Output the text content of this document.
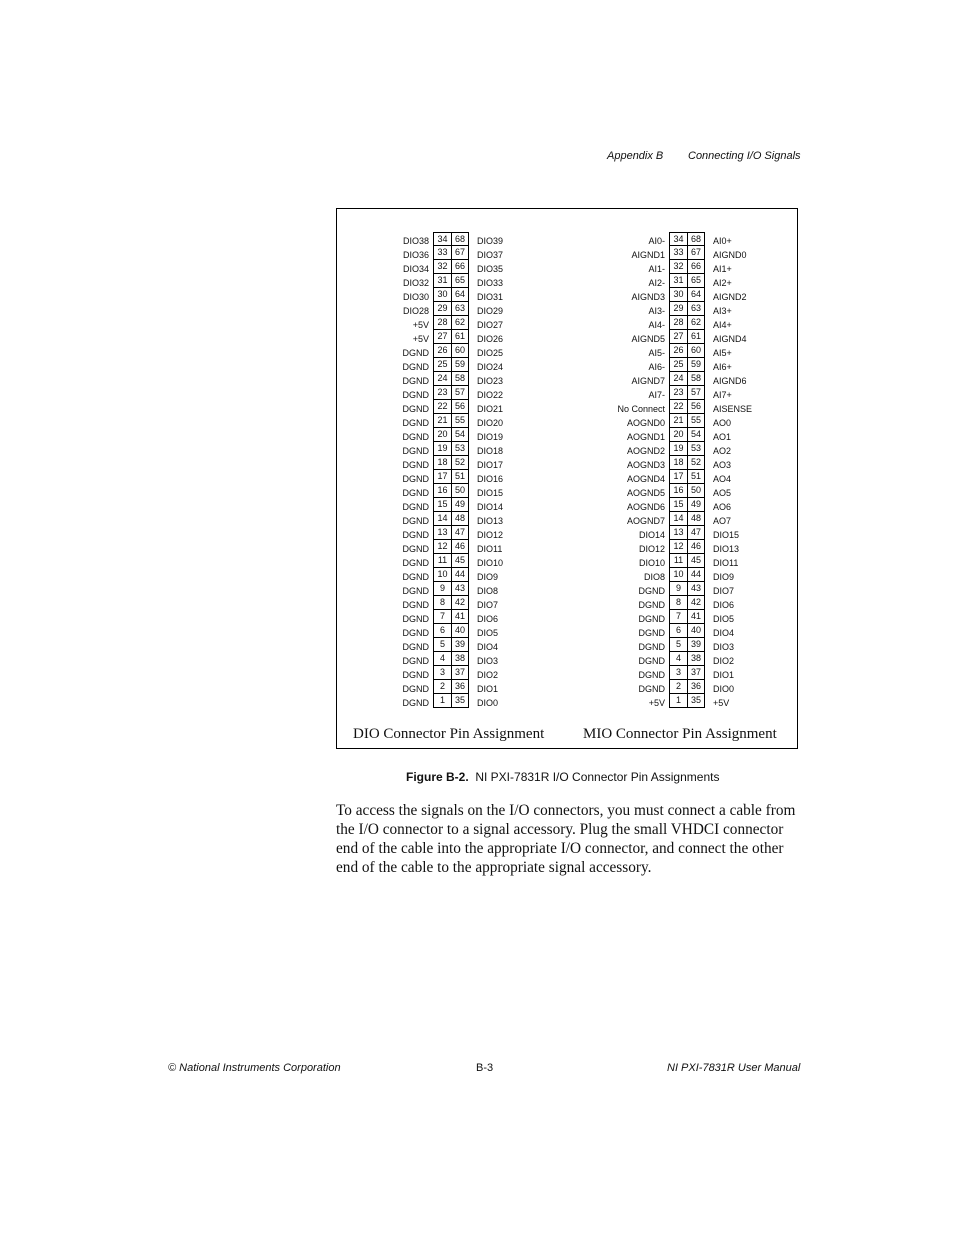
Appendix B Connecting I/O Signals
DIO38 34 68	DIO39
DIO36 33 67	DIO37
DIO34 32 66	DIO35
DIO32 31 65	DIO33
DIO30 30 64	DIO31
DIO28 29 63	DIO29
+5V 28 62	DIO27
+5V 27 61	DIO26
DGND 26 60	DIO25
DGND 25 59	DIO24
DGND 24 58	DIO23
DGND 23 57	DIO22
DGND 22 56	DIO21
DGND 21 55	DIO20
DGND 20 54	DIO19
DGND 19 53	DIO18
DGND 18 52	DIO17
DGND 17 51	DIO16
DGND 16 50	DIO15
DGND 15 49	DIO14
DGND 14 48	DIO13
DGND 13 47	DIO12
DGND 12 46	DIO11
DGND 11 45	DIO10
DGND 10 44	DIO9
DGND	9	43	DIO8
DGND	8	42	DIO7
DGND	7	41	DIO6
DGND	6	40	DIO5
DGND	5	39	DIO4
DGND	4	38	DIO3
DGND	3	37	DIO2
DGND	2	36	DIO1
DGND	1	35	DIO0
AI0- 34 68	AI0+
AIGND1 33 67	AIGND0
AI1- 32 66	AI1+
AI2- 31 65	AI2+
AIGND3 30 64	AIGND2
AI3- 29 63	AI3+
AI4- 28 62	AI4+
AIGND5 27 61	AIGND4
AI5- 26 60	AI5+
AI6- 25 59	AI6+
AIGND7 24 58	AIGND6
AI7- 23 57	AI7+
No Connect 22 56	AISENSE
AOGND0 21 55	AO0
AOGND1 20 54	AO1
AOGND2 19 53	AO2
AOGND3 18 52	AO3
AOGND4 17 51	AO4
AOGND5 16 50	AO5
AOGND6 15 49	AO6
AOGND7 14 48	AO7
DIO14 13 47	DIO15
DIO12 12 46	DIO13
DIO10 11 45	DIO11
DIO8 10 44	DIO9
DGND	9	43	DIO7
DGND	8	42	DIO6
DGND	7	41	DIO5
DGND	6	40	DIO4
DGND	5	39	DIO3
DGND	4	38	DIO2
DGND	3	37	DIO1
DGND	2	36	DIO0
+5V	1	35	+5V
DIO Connector Pin Assignment	MIO Connector Pin Assignment
Figure B-2. NI PXI-7831R I/O Connector Pin Assignments
To access the signals on the I/O connectors, you must connect a cable from the I/O connector to a signal accessory. Plug the small VHDCI connector end of the cable into the appropriate I/O connector, and connect the other end of the cable to the appropriate signal accessory.
© National Instruments Corporation	B-3	NI PXI-7831R User Manual
